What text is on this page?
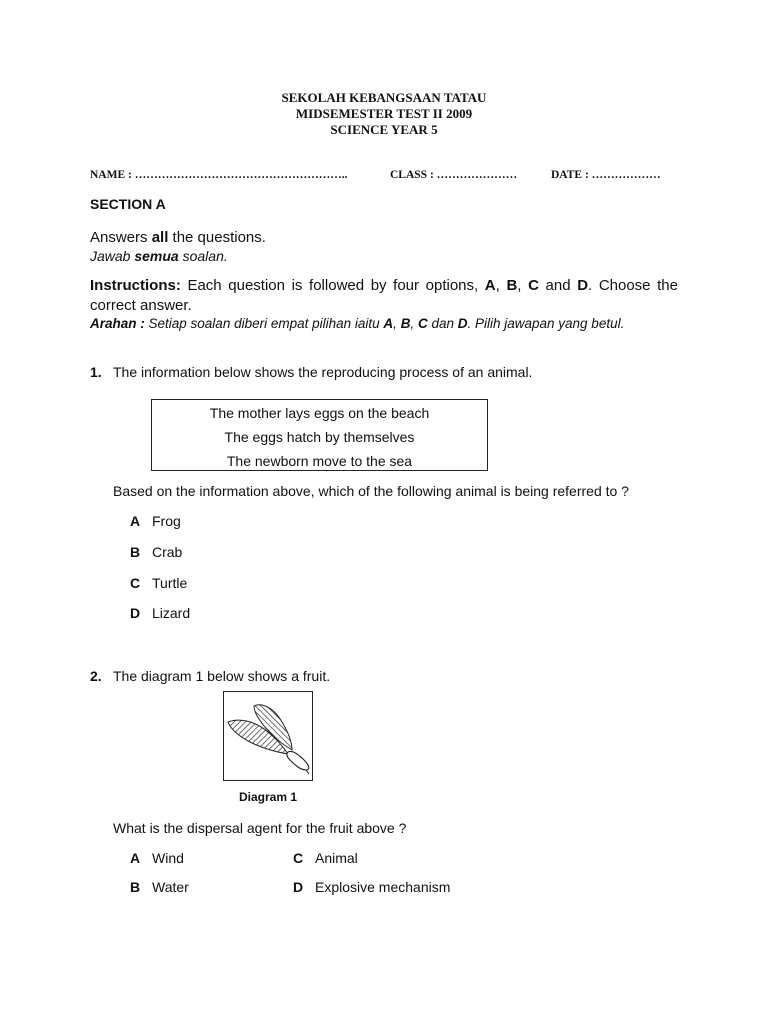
SEKOLAH KEBANGSAAN TATAU
MIDSEMESTER TEST II 2009
SCIENCE YEAR 5
NAME : ………………………………………………..	CLASS : …………………	DATE : ………………
SECTION A
Answers all the questions.
Jawab semua soalan.
Instructions: Each question is followed by four options, A, B, C and D. Choose the
correct answer.
Arahan : Setiap soalan diberi empat pilihan iaitu A, B, C dan D. Pilih jawapan yang betul.
1. The information below shows the reproducing process of an animal.
The mother lays eggs on the beach
The eggs hatch by themselves
The newborn move to the sea
Based on the information above, which of the following animal is being referred to ?
A Frog
B Crab
C Turtle
D Lizard
2. The diagram 1 below shows a fruit.
Diagram 1
What is the dispersal agent for the fruit above ?
A Wind
B Water
C Animal
D Explosive mechanism
